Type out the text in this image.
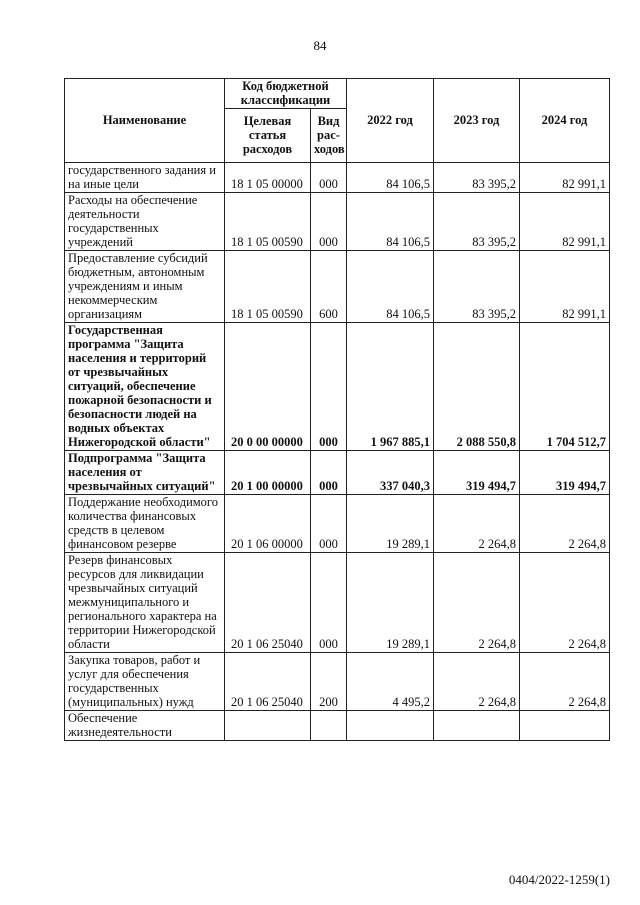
84
Наименование	Код бюджетной классификации		2022 год	2023 год	2024 год
	Целевая статья расходов	Вид рас-ходов			
государственного задания и на иные цели	18 1 05 00000	000	84 106,5	83 395,2	82 991,1
Расходы на обеспечение деятельности государственных учреждений	18 1 05 00590	000	84 106,5	83 395,2	82 991,1
Предоставление субсидий бюджетным, автономным учреждениям и иным некоммерческим организациям	18 1 05 00590	600	84 106,5	83 395,2	82 991,1
Государственная программа "Защита населения и территорий от чрезвычайных ситуаций, обеспечение пожарной безопасности и безопасности людей на водных объектах Нижегородской области"	20 0 00 00000	000	1 967 885,1	2 088 550,8	1 704 512,7
Подпрограмма "Защита населения от чрезвычайных ситуаций"	20 1 00 00000	000	337 040,3	319 494,7	319 494,7
Поддержание необходимого количества финансовых средств в целевом финансовом резерве	20 1 06 00000	000	19 289,1	2 264,8	2 264,8
Резерв финансовых ресурсов для ликвидации чрезвычайных ситуаций межмуниципального и регионального характера на территории Нижегородской области	20 1 06 25040	000	19 289,1	2 264,8	2 264,8
Закупка товаров, работ и услуг для обеспечения государственных (муниципальных) нужд	20 1 06 25040	200	4 495,2	2 264,8	2 264,8
Обеспечение жизнедеятельности					
0404/2022-1259(1)
